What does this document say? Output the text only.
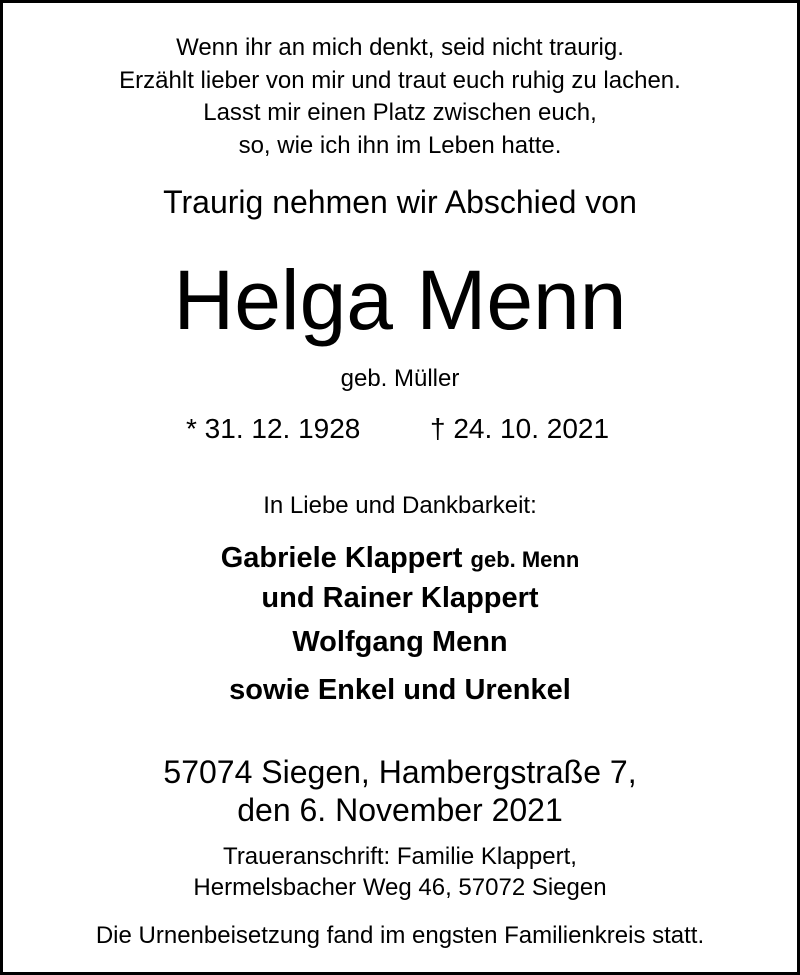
Wenn ihr an mich denkt, seid nicht traurig.
Erzählt lieber von mir und traut euch ruhig zu lachen.
Lasst mir einen Platz zwischen euch,
so, wie ich ihn im Leben hatte.
Traurig nehmen wir Abschied von
Helga Menn
geb. Müller
* 31. 12. 1928 † 24. 10. 2021
In Liebe und Dankbarkeit:
Gabriele Klappert geb. Menn
und Rainer Klappert
Wolfgang Menn
sowie Enkel und Urenkel
57074 Siegen, Hambergstraße 7,
den 6. November 2021
Traueranschrift: Familie Klappert,
Hermelsbacher Weg 46, 57072 Siegen
Die Urnenbeisetzung fand im engsten Familienkreis statt.
